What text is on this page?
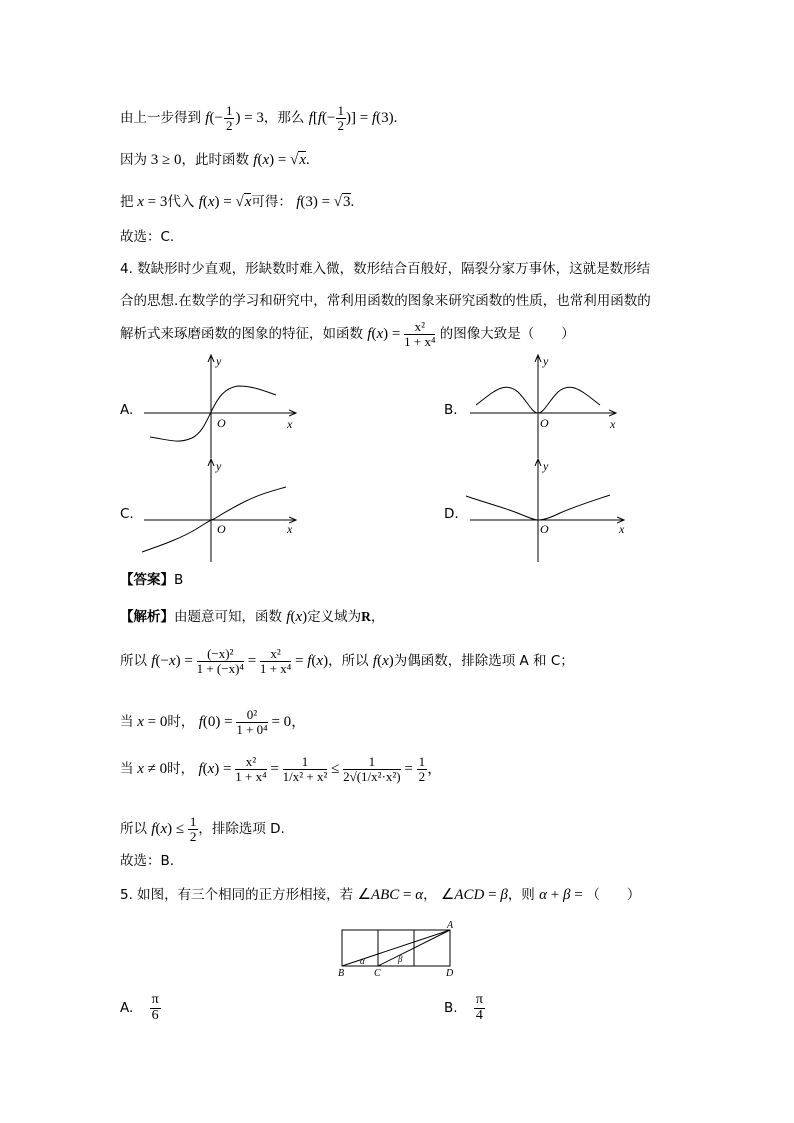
由上一步得到 $f(- \frac{1}{2}$ ) = 3，那么 $f[f(- \frac{1}{2}$ )] = f(3).
因为 3 ≥ 0，此时函数 f(x) = √x.
把 x = 3代入 f(x) = √x可得： f(3) = √3.
故选：C.
4. 数缺形时少直观，形缺数时难入微，数形结合百般好，隔裂分家万事休，这就是数形结
合的思想.在数学的学习和研究中，常利用函数的图象来研究函数的性质，也常利用函数的
解析式来琢磨函数的图象的特征，如函数 $f(x) = \frac{\text{x²}}{\text{1 + x⁴}}$ 的图像大致是（　　）
A.	B.
C.	D.
O	x
y
O	x
y
O	x
y
O	x
y
【答案】B
【解析】由题意可知，函数 f(x)定义域为R，
所以 $f(-x) = \frac{\text{(−x)²}}{\text{1 + (−x)⁴}} = \frac{\text{x²}}{\text{1 + x⁴}} = f(x)$，所以 f(x)为偶函数，排除选项 A 和 C；
当 x = 0时， $f(0) = \frac{\text{0²}}{\text{1 + 0⁴}} = 0$，
当 x ≠ 0时， $f(x) = \frac{\text{x²}}{\text{1 + x⁴}} = \frac{1}{\text{1/x² + x²}} \le \frac{1}{\text{2√(1/x²·x²)}} = \frac{1}{2}$ ，
所以 $f(x) \le \frac{1}{2}$ ，排除选项 D.
故选：B.
5. 如图，有三个相同的正方形相接，若 ∠ABC = α， ∠ACD = β，则 α + β = （　　）
A
B	C	D
α	β
A. $\frac{\pi}{6}$	B. $\frac{\pi}{4}$
